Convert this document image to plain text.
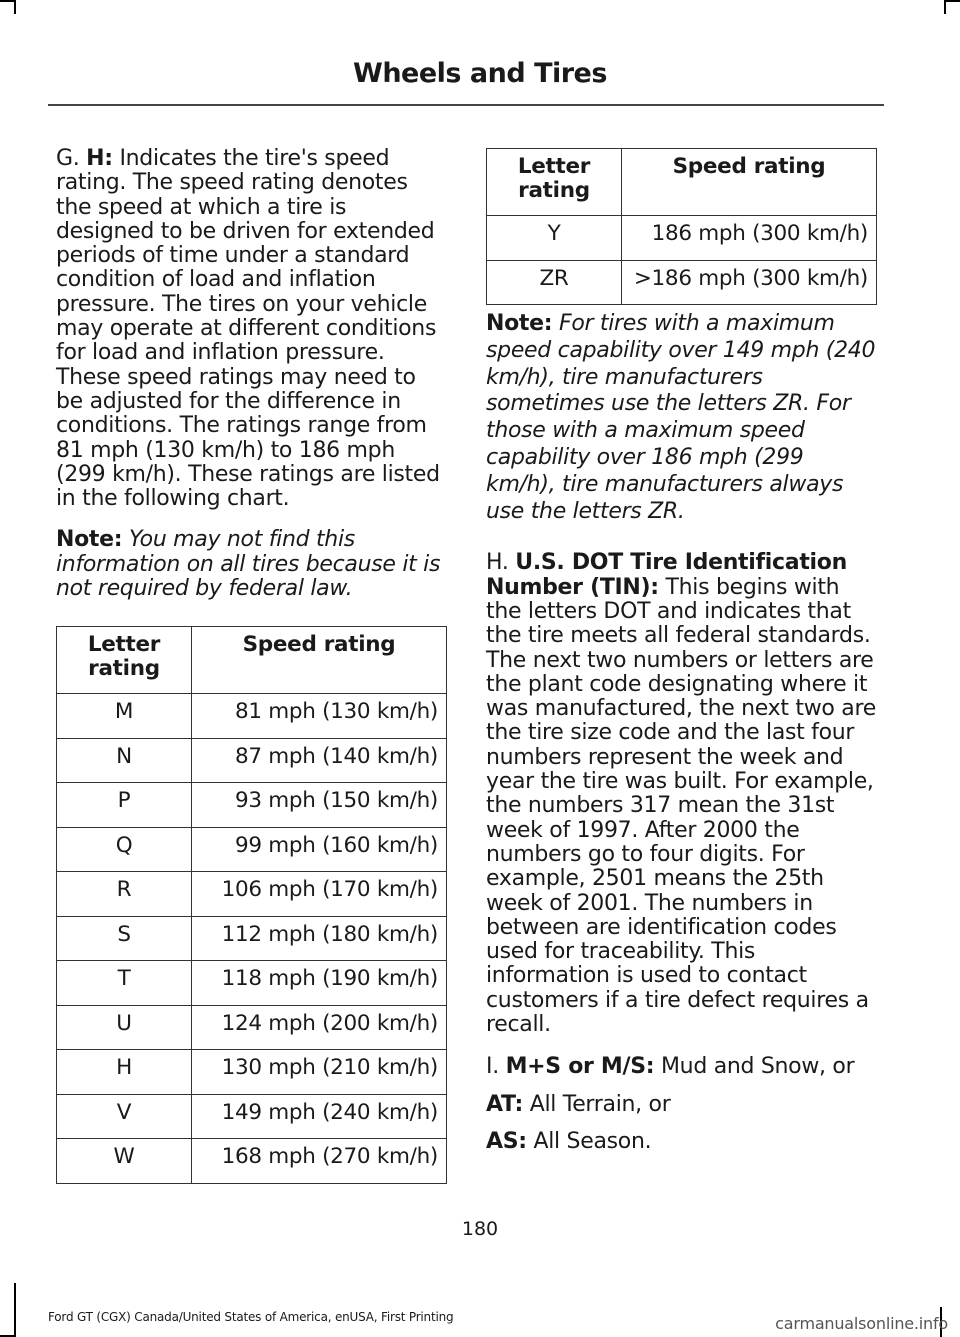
Wheels and Tires

G. H: Indicates the tire's speed rating. The speed rating denotes the speed at which a tire is designed to be driven for extended periods of time under a standard condition of load and inflation pressure. The tires on your vehicle may operate at different conditions for load and inflation pressure. These speed ratings may need to be adjusted for the difference in conditions. The ratings range from 81 mph (130 km/h) to 186 mph (299 km/h). These ratings are listed in the following chart.

Note: You may not find this information on all tires because it is not required by federal law.

Letter rating	Speed rating
M	81 mph (130 km/h)
N	87 mph (140 km/h)
P	93 mph (150 km/h)
Q	99 mph (160 km/h)
R	106 mph (170 km/h)
S	112 mph (180 km/h)
T	118 mph (190 km/h)
U	124 mph (200 km/h)
H	130 mph (210 km/h)
V	149 mph (240 km/h)
W	168 mph (270 km/h)
Letter rating	Speed rating
Y	186 mph (300 km/h)
ZR	>186 mph (300 km/h)

Note: For tires with a maximum speed capability over 149 mph (240 km/h), tire manufacturers sometimes use the letters ZR. For those with a maximum speed capability over 186 mph (299 km/h), tire manufacturers always use the letters ZR.

H. U.S. DOT Tire Identification Number (TIN): This begins with the letters DOT and indicates that the tire meets all federal standards. The next two numbers or letters are the plant code designating where it was manufactured, the next two are the tire size code and the last four numbers represent the week and year the tire was built. For example, the numbers 317 mean the 31st week of 1997. After 2000 the numbers go to four digits. For example, 2501 means the 25th week of 2001. The numbers in between are identification codes used for traceability. This information is used to contact customers if a tire defect requires a recall.

I. M+S or M/S: Mud and Snow, or

AT: All Terrain, or

AS: All Season.

180
Ford GT (CGX) Canada/United States of America, enUSA, First Printing	carmanualsonline.info
